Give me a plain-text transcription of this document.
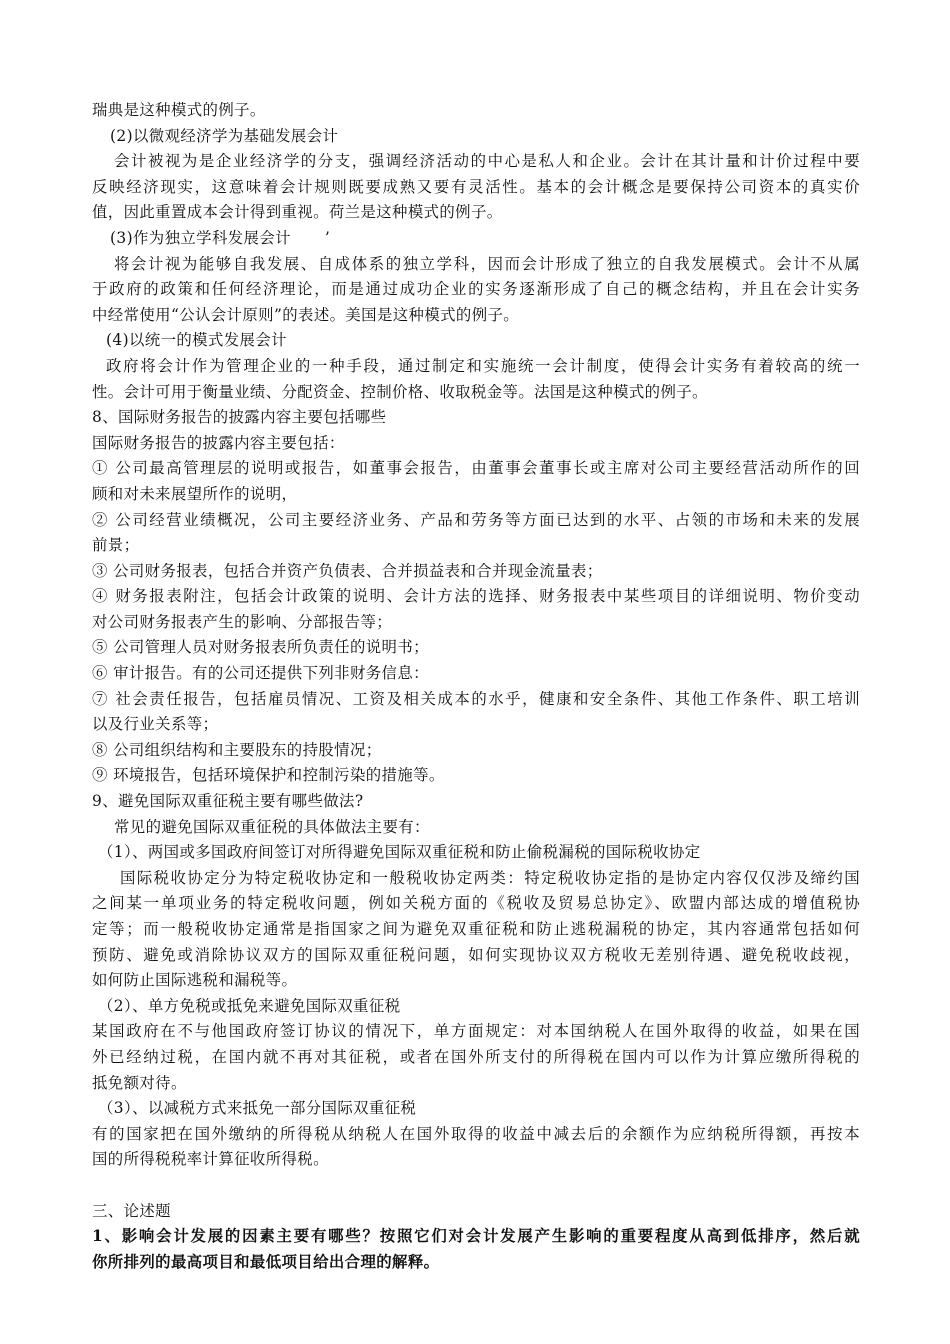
瑞典是这种模式的例子。
(2)以微观经济学为基础发展会计
会计被视为是企业经济学的分支，强调经济活动的中心是私人和企业。会计在其计量和计价过程中要
反映经济现实，这意味着会计规则既要成熟又要有灵活性。基本的会计概念是要保持公司资本的真实价
值，因此重置成本会计得到重视。荷兰是这种模式的例子。
(3)作为独立学科发展会计 ’
将会计视为能够自我发展、自成体系的独立学科，因而会计形成了独立的自我发展模式。会计不从属
于政府的政策和任何经济理论，而是通过成功企业的实务逐渐形成了自己的概念结构，并且在会计实务
中经常使用“公认会计原则”的表述。美国是这种模式的例子。
(4)以统一的模式发展会计
政府将会计作为管理企业的一种手段，通过制定和实施统一会计制度，使得会计实务有着较高的统一
性。会计可用于衡量业绩、分配资金、控制价格、收取税金等。法国是这种模式的例子。
8、国际财务报告的披露内容主要包括哪些
国际财务报告的披露内容主要包括：
① 公司最高管理层的说明或报告，如董事会报告，由董事会董事长或主席对公司主要经营活动所作的回
顾和对未来展望所作的说明，
② 公司经营业绩概况，公司主要经济业务、产品和劳务等方面已达到的水平、占领的市场和未来的发展
前景；
③ 公司财务报表，包括合并资产负债表、合并损益表和合并现金流量表；
④ 财务报表附注，包括会计政策的说明、会计方法的选择、财务报表中某些项目的详细说明、物价变动
对公司财务报表产生的影响、分部报告等；
⑤ 公司管理人员对财务报表所负责任的说明书；
⑥ 审计报告。有的公司还提供下列非财务信息：
⑦ 社会责任报告，包括雇员情况、工资及相关成本的水乎，健康和安全条件、其他工作条件、职工培训
以及行业关系等；
⑧ 公司组织结构和主要股东的持股情况；
⑨ 环境报告，包括环境保护和控制污染的措施等。
9、避免国际双重征税主要有哪些做法?
常见的避免国际双重征税的具体做法主要有：
（1）、两国或多国政府间签订对所得避免国际双重征税和防止偷税漏税的国际税收协定
国际税收协定分为特定税收协定和一般税收协定两类：特定税收协定指的是协定内容仅仅涉及缔约国
之间某一单项业务的特定税收问题，例如关税方面的《税收及贸易总协定》、欧盟内部达成的增值税协
定等；而一般税收协定通常是指国家之间为避免双重征税和防止逃税漏税的协定，其内容通常包括如何
预防、避免或消除协议双方的国际双重征税问题，如何实现协议双方税收无差别待遇、避免税收歧视，
如何防止国际逃税和漏税等。
（2）、单方免税或抵免来避免国际双重征税
某国政府在不与他国政府签订协议的情况下，单方面规定：对本国纳税人在国外取得的收益，如果在国
外已经纳过税，在国内就不再对其征税，或者在国外所支付的所得税在国内可以作为计算应缴所得税的
抵免额对待。
（3）、以减税方式来抵免一部分国际双重征税
有的国家把在国外缴纳的所得税从纳税人在国外取得的收益中减去后的余额作为应纳税所得额，再按本
国的所得税税率计算征收所得税。
三、论述题
1、影响会计发展的因素主要有哪些？按照它们对会计发展产生影响的重要程度从高到低排序，然后就
你所排列的最高项目和最低项目给出合理的解释。
